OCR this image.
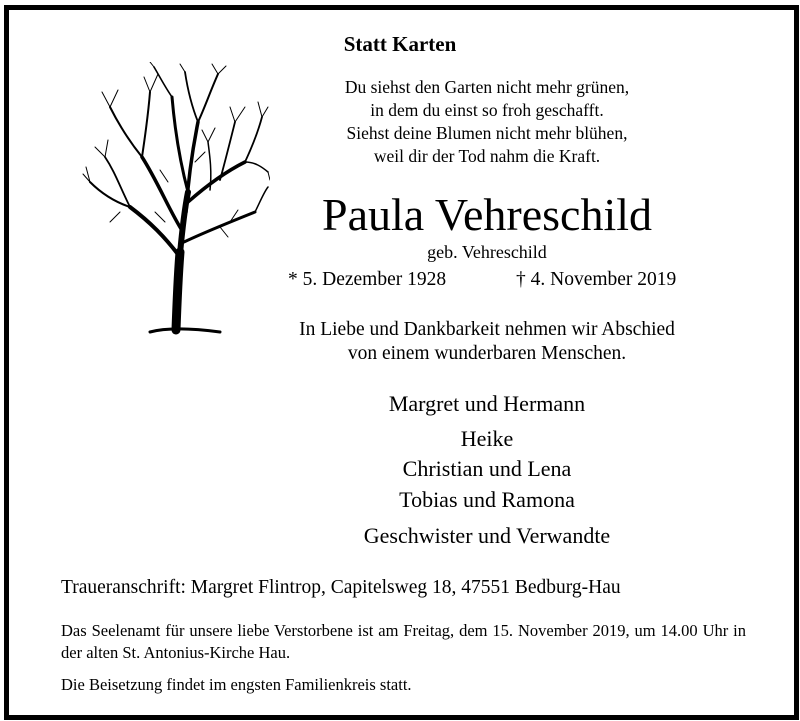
Statt Karten
Du siehst den Garten nicht mehr grünen,
in dem du einst so froh geschafft.
Siehst deine Blumen nicht mehr blühen,
weil dir der Tod nahm die Kraft.
Paula Vehreschild
geb. Vehreschild
* 5. Dezember 1928	† 4. November 2019
In Liebe und Dankbarkeit nehmen wir Abschied
von einem wunderbaren Menschen.
Margret und Hermann
Heike
Christian und Lena
Tobias und Ramona
Geschwister und Verwandte
Traueranschrift: Margret Flintrop, Capitelsweg 18, 47551 Bedburg-Hau
Das Seelenamt für unsere liebe Verstorbene ist am Freitag, dem 15. November 2019, um 14.00 Uhr in der alten St. Antonius-Kirche Hau.
Die Beisetzung findet im engsten Familienkreis statt.
